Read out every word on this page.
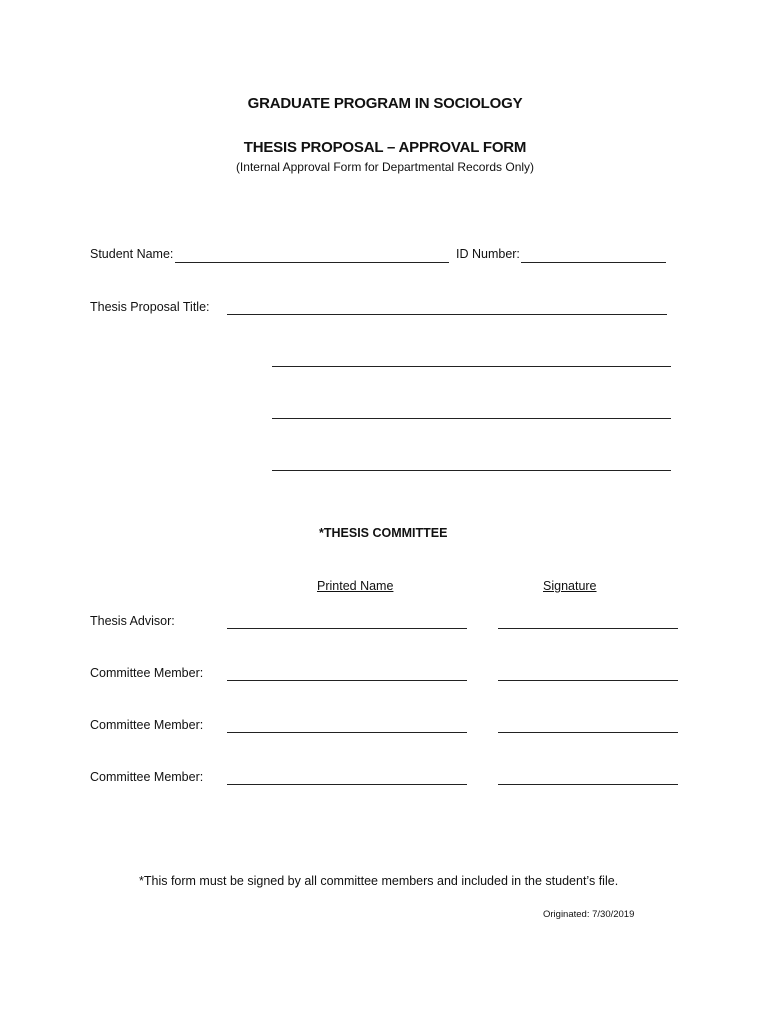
GRADUATE PROGRAM IN SOCIOLOGY
THESIS PROPOSAL – APPROVAL FORM
(Internal Approval Form for Departmental Records Only)
Student Name:	ID Number:
Thesis Proposal Title:
*THESIS COMMITTEE
Printed Name	Signature
Thesis Advisor:
Committee Member:
Committee Member:
Committee Member:
*This form must be signed by all committee members and included in the student’s file.
Originated: 7/30/2019
